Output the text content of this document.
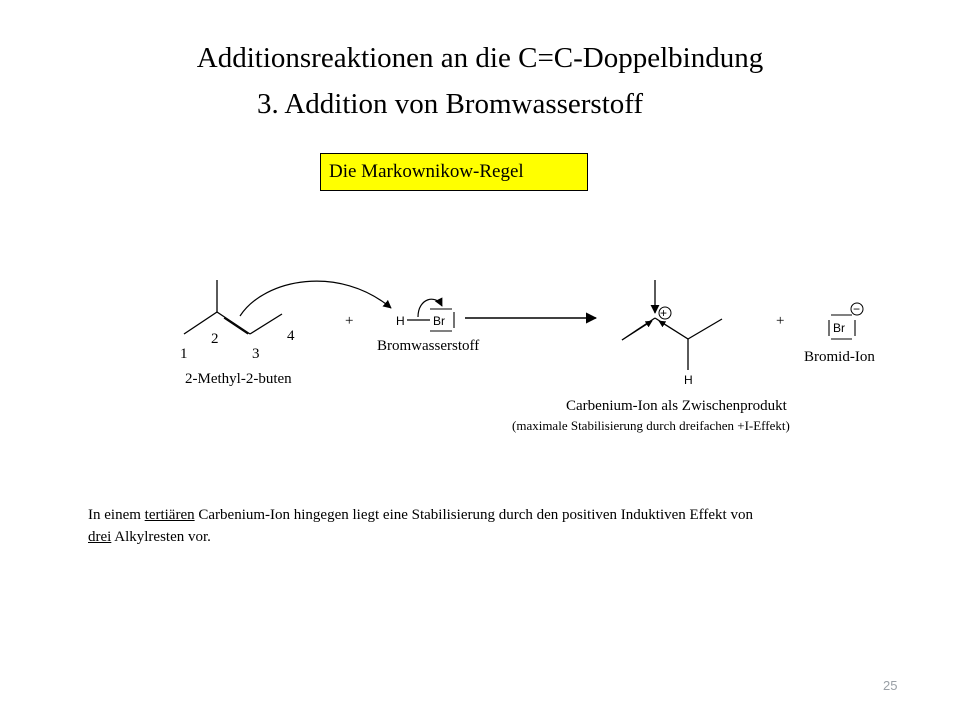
Additionsreaktionen an die C=C-Doppelbindung
3. Addition von Bromwasserstoff
Die Markownikow-Regel
2
1	3
4
2-Methyl-2-buten
+	H Br
Bromwasserstoff
+
H
Carbenium-Ion als Zwischenprodukt
(maximale Stabilisierung durch dreifachen +I-Effekt)
+	Br
−
Bromid-Ion
In einem tertiären Carbenium-Ion hingegen liegt eine Stabilisierung durch den positiven Induktiven Effekt von
drei Alkylresten vor.
25
